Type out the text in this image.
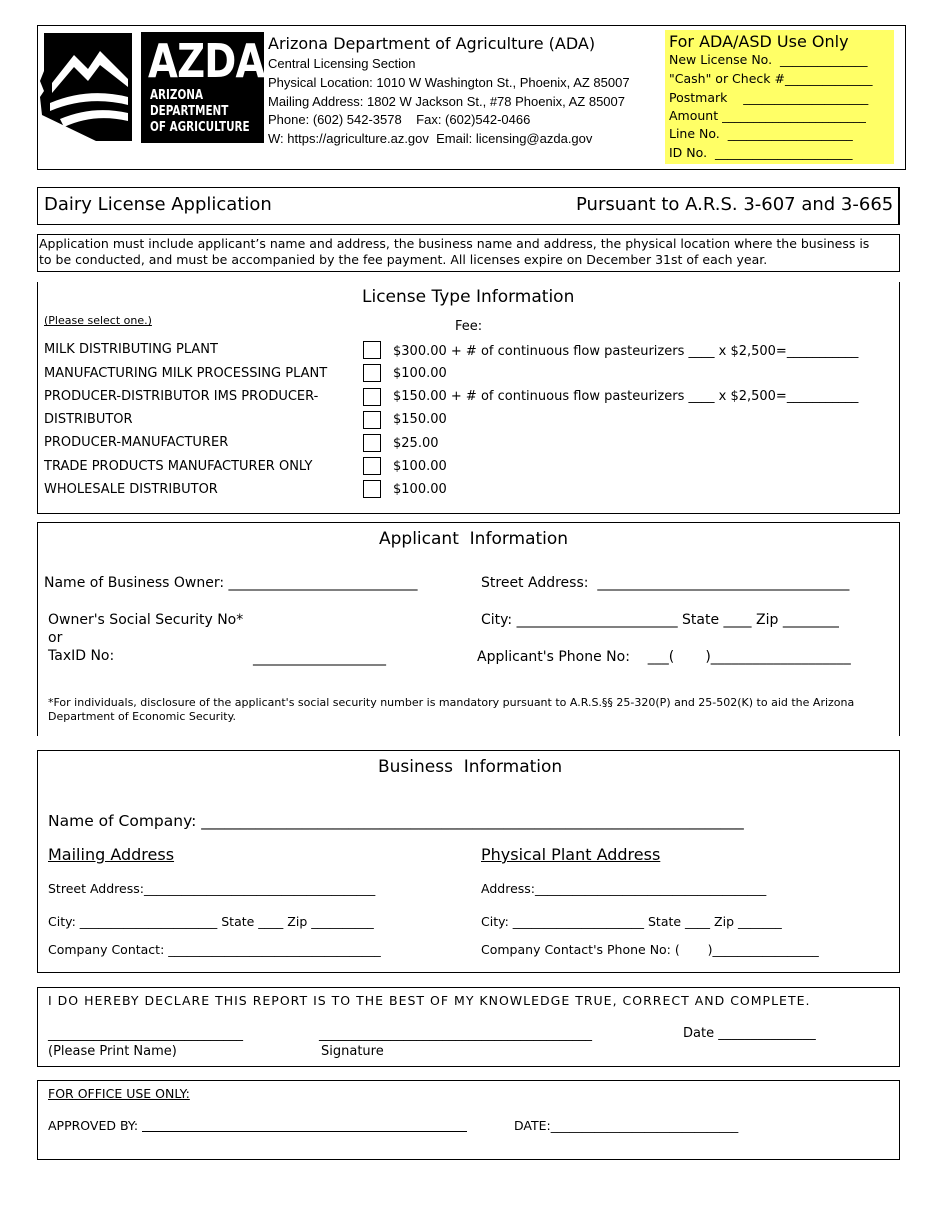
AZDA
ARIZONA
DEPARTMENT
OF AGRICULTURE
Arizona Department of Agriculture (ADA)
Central Licensing Section
Physical Location: 1010 W Washington St., Phoenix, AZ 85007
Mailing Address: 1802 W Jackson St., #78 Phoenix, AZ 85007
Phone: (602) 542-3578    Fax: (602)542-0466
W: https://agriculture.az.gov  Email: licensing@azda.gov
For ADA/ASD Use Only
New License No.  ______________
"Cash" or Check #______________
Postmark    ____________________
Amount _______________________
Line No.  ____________________
ID No.  ______________________
Dairy License Application	Pursuant to A.R.S. 3-607 and 3-665
Application must include applicant’s name and address, the business name and address, the physical location where the business is
to be conducted, and must be accompanied by the fee payment. All licenses expire on December 31st of each year.
License Type Information
(Please select one.)	Fee:
MILK DISTRIBUTING PLANT	$300.00 + # of continuous flow pasteurizers ____ x $2,500=___________
MANUFACTURING MILK PROCESSING PLANT	$100.00
PRODUCER-DISTRIBUTOR IMS PRODUCER-	$150.00 + # of continuous flow pasteurizers ____ x $2,500=___________
DISTRIBUTOR	$150.00
PRODUCER-MANUFACTURER	$25.00
TRADE PRODUCTS MANUFACTURER ONLY	$100.00
WHOLESALE DISTRIBUTOR	$100.00
Applicant  Information
Name of Business Owner: ___________________________	Street Address:  ____________________________________
Owner's Social Security No*
or
TaxID No:	___________________
City: _______________________ State ____ Zip ________
Applicant's Phone No:    ___(       )____________________
*For individuals, disclosure of the applicant's social security number is mandatory pursuant to A.R.S.§§ 25-320(P) and 25-502(K) to aid the Arizona
Department of Economic Security.
Business  Information
Name of Company: ______________________________________________________________________
Mailing Address	Physical Plant Address
Street Address:_____________________________________
City: ______________________ State ____ Zip __________
Company Contact: __________________________________
Address:_____________________________________
City: _____________________ State ____ Zip _______
Company Contact's Phone No: (       )_________________
I DO HEREBY DECLARE THIS REPORT IS TO THE BEST OF MY KNOWLEDGE TRUE, CORRECT AND COMPLETE.
______________________________	__________________________________________	Date _______________
(Please Print Name)	Signature
FOR OFFICE USE ONLY:
APPROVED BY:	DATE:______________________________
